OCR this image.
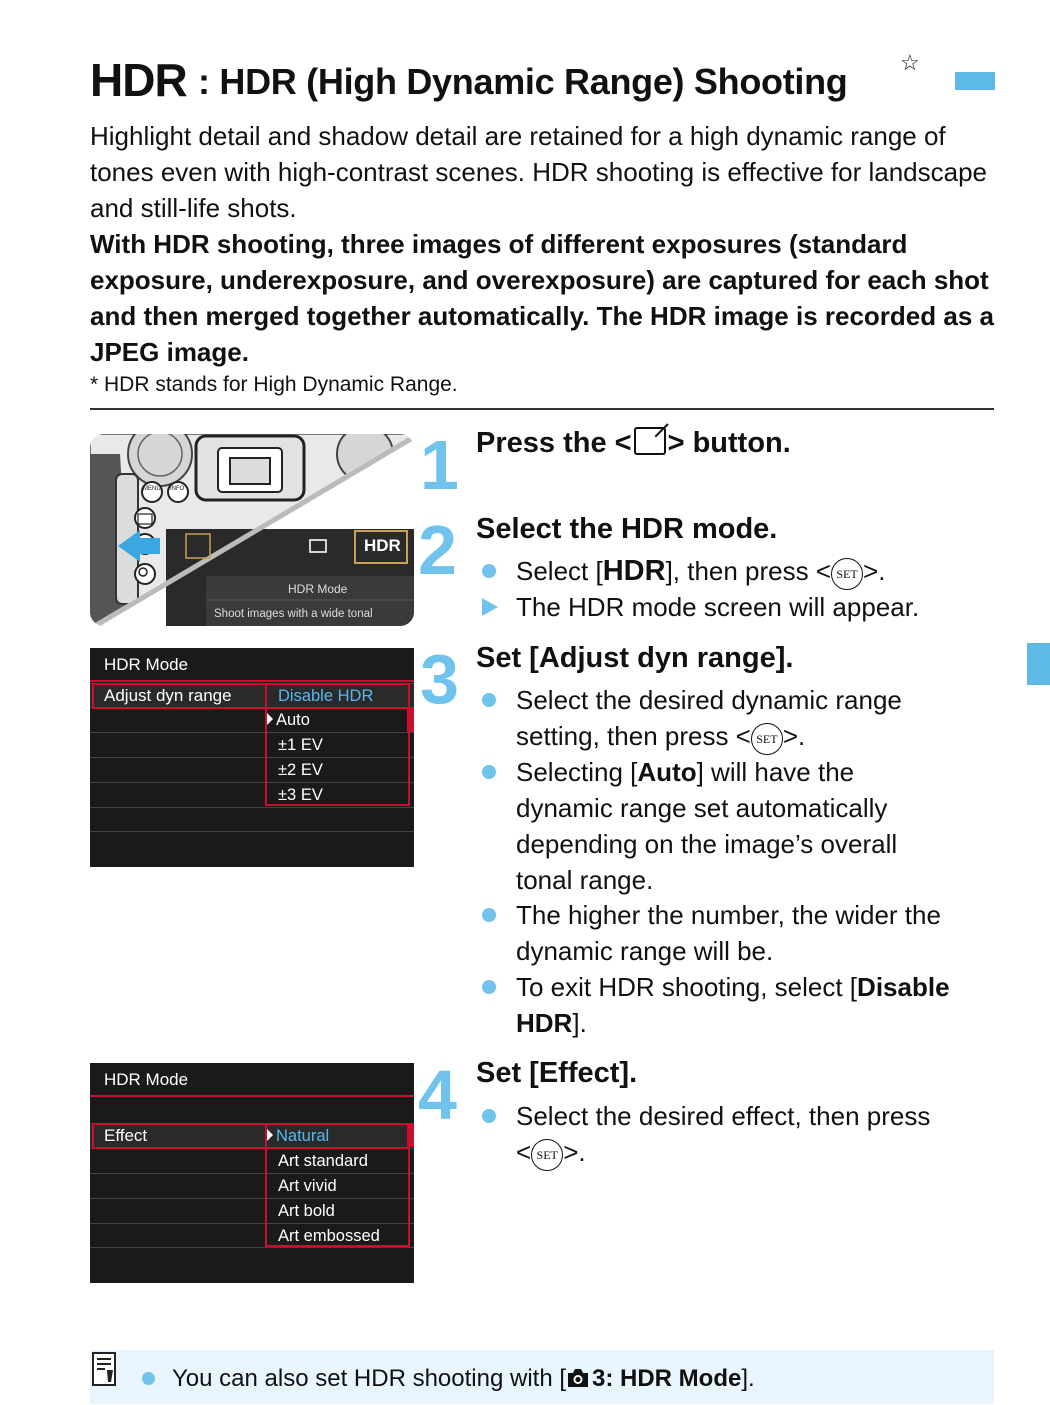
HDR : HDR (High Dynamic Range) Shooting ☆
Highlight detail and shadow detail are retained for a high dynamic range of tones even with high-contrast scenes. HDR shooting is effective for landscape and still-life shots.
With HDR shooting, three images of different exposures (standard exposure, underexposure, and overexposure) are captured for each shot and then merged together automatically. The HDR image is recorded as a JPEG image.
* HDR stands for High Dynamic Range.
MENU INFO
HDR
HDR Mode
Shoot images with a wide tonal
1 Press the < > button.
2 Select the HDR mode.
Select [HDR], then press < SET >.
The HDR mode screen will appear.
HDR Mode
Adjust dyn range	Disable HDR
Auto
±1 EV
±2 EV
±3 EV
3 Set [Adjust dyn range].
Select the desired dynamic range
setting, then press < SET >.
Selecting [Auto] will have the
dynamic range set automatically
depending on the image’s overall
tonal range.
The higher the number, the wider the
dynamic range will be.
To exit HDR shooting, select [Disable
HDR].
HDR Mode
Effect	Natural
Art standard
Art vivid
Art bold
Art embossed
4 Set [Effect].
Select the desired effect, then press
< SET >.
You can also set HDR shooting with [ 3: HDR Mode].
